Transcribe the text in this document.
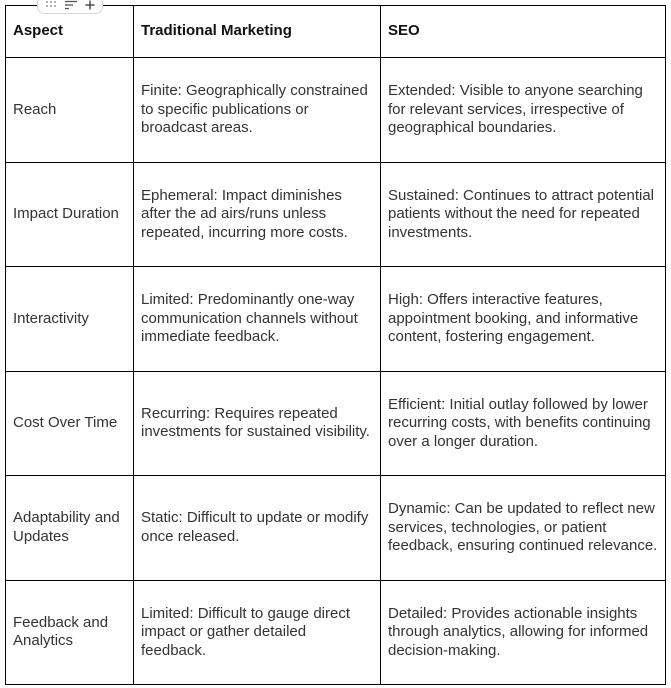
Aspect	Traditional Marketing	SEO
Reach	Finite: Geographically constrained to specific publications or broadcast areas.	Extended: Visible to anyone searching for relevant services, irrespective of geographical boundaries.
Impact Duration	Ephemeral: Impact diminishes after the ad airs/runs unless repeated, incurring more costs.	Sustained: Continues to attract potential patients without the need for repeated investments.
Interactivity	Limited: Predominantly one-way communication channels without immediate feedback.	High: Offers interactive features, appointment booking, and informative content, fostering engagement.
Cost Over Time	Recurring: Requires repeated investments for sustained visibility.	Efficient: Initial outlay followed by lower recurring costs, with benefits continuing over a longer duration.
Adaptability and Updates	Static: Difficult to update or modify once released.	Dynamic: Can be updated to reflect new services, technologies, or patient feedback, ensuring continued relevance.
Feedback and Analytics	Limited: Difficult to gauge direct impact or gather detailed feedback.	Detailed: Provides actionable insights through analytics, allowing for informed decision-making.
